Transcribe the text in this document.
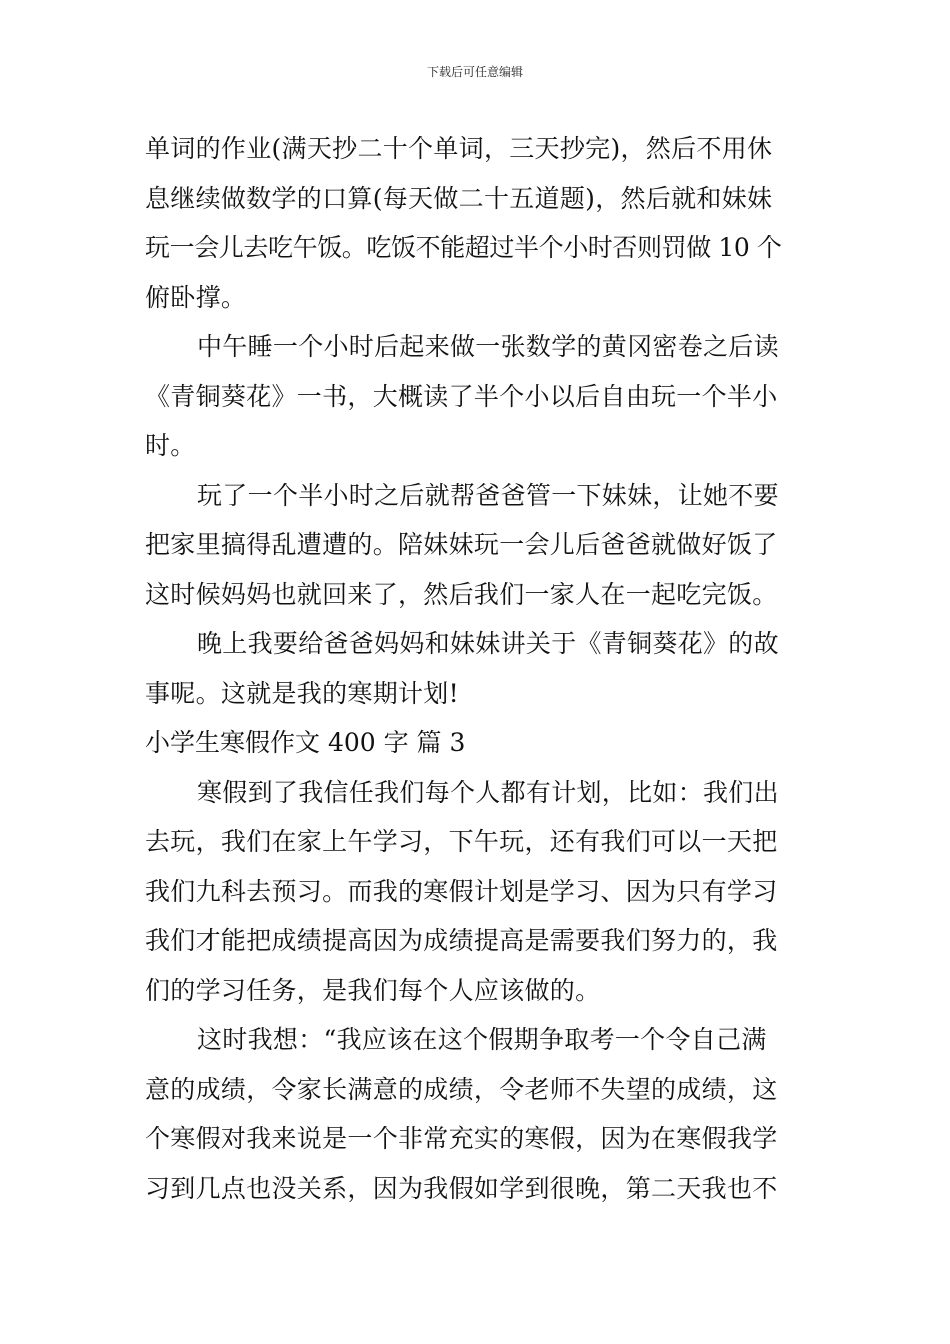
下载后可任意编辑
单词的作业(满天抄二十个单词，三天抄完)，然后不用休
息继续做数学的口算(每天做二十五道题)，然后就和妹妹
玩一会儿去吃午饭。吃饭不能超过半个小时否则罚做 10 个
俯卧撑。
中午睡一个小时后起来做一张数学的黄冈密卷之后读
《青铜葵花》一书，大概读了半个小以后自由玩一个半小
时。
玩了一个半小时之后就帮爸爸管一下妹妹，让她不要
把家里搞得乱遭遭的。陪妹妹玩一会儿后爸爸就做好饭了
这时候妈妈也就回来了，然后我们一家人在一起吃完饭。
晚上我要给爸爸妈妈和妹妹讲关于《青铜葵花》的故
事呢。这就是我的寒期计划!
小学生寒假作文 400 字 篇 3
寒假到了我信任我们每个人都有计划，比如：我们出
去玩，我们在家上午学习，下午玩，还有我们可以一天把
我们九科去预习。而我的寒假计划是学习、因为只有学习
我们才能把成绩提高因为成绩提高是需要我们努力的，我
们的学习任务，是我们每个人应该做的。
这时我想：“我应该在这个假期争取考一个令自己满
意的成绩，令家长满意的成绩，令老师不失望的成绩，这
个寒假对我来说是一个非常充实的寒假，因为在寒假我学
习到几点也没关系，因为我假如学到很晚，第二天我也不
